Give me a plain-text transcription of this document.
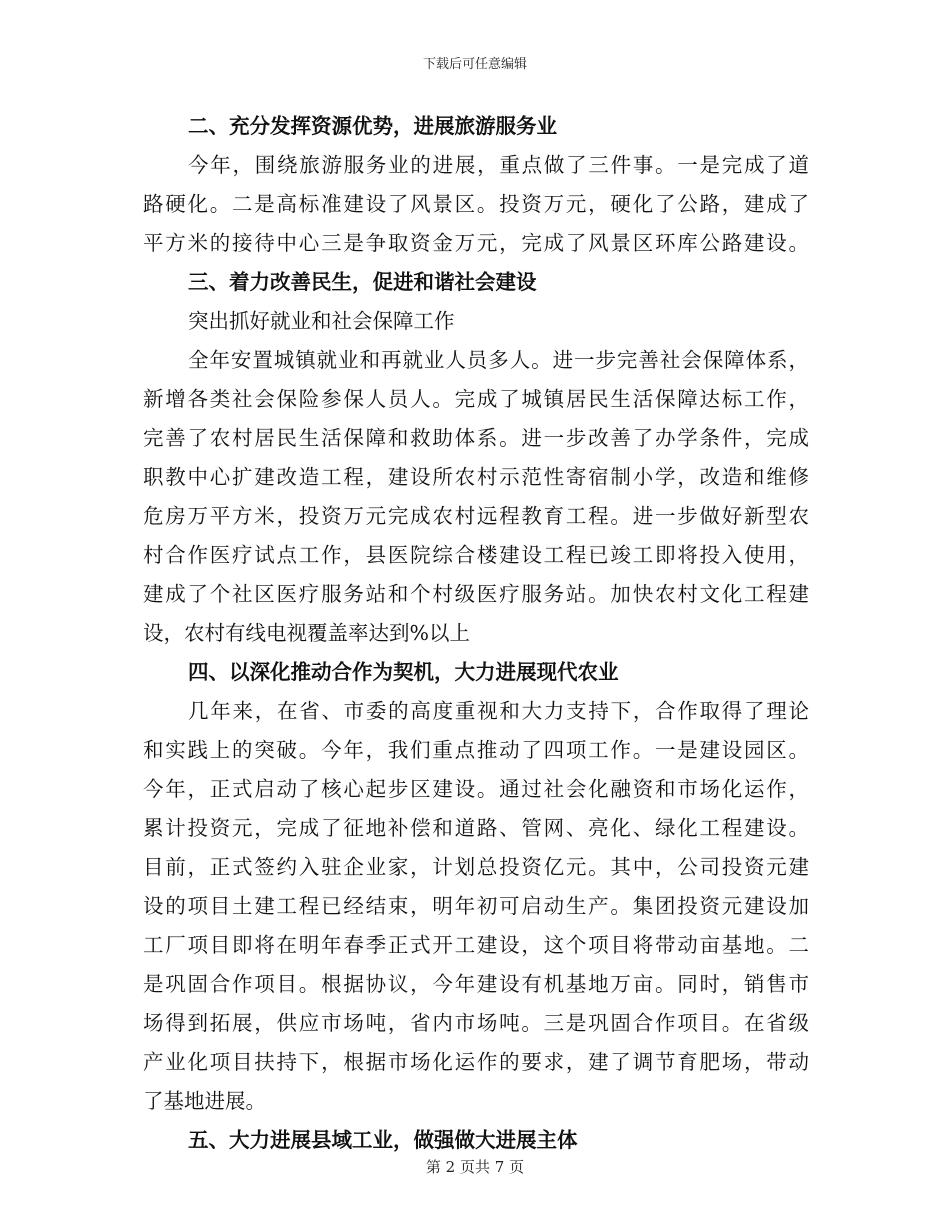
下载后可任意编辑
二、充分发挥资源优势，进展旅游服务业
今年，围绕旅游服务业的进展，重点做了三件事。一是完成了道
路硬化。二是高标准建设了风景区。投资万元，硬化了公路，建成了
平方米的接待中心三是争取资金万元，完成了风景区环库公路建设。
三、着力改善民生，促进和谐社会建设
突出抓好就业和社会保障工作
全年安置城镇就业和再就业人员多人。进一步完善社会保障体系，
新增各类社会保险参保人员人。完成了城镇居民生活保障达标工作，
完善了农村居民生活保障和救助体系。进一步改善了办学条件，完成
职教中心扩建改造工程，建设所农村示范性寄宿制小学，改造和维修
危房万平方米，投资万元完成农村远程教育工程。进一步做好新型农
村合作医疗试点工作，县医院综合楼建设工程已竣工即将投入使用，
建成了个社区医疗服务站和个村级医疗服务站。加快农村文化工程建
设，农村有线电视覆盖率达到%以上
四、以深化推动合作为契机，大力进展现代农业
几年来，在省、市委的高度重视和大力支持下，合作取得了理论
和实践上的突破。今年，我们重点推动了四项工作。一是建设园区。
今年，正式启动了核心起步区建设。通过社会化融资和市场化运作，
累计投资元，完成了征地补偿和道路、管网、亮化、绿化工程建设。
目前，正式签约入驻企业家，计划总投资亿元。其中，公司投资元建
设的项目土建工程已经结束，明年初可启动生产。集团投资元建设加
工厂项目即将在明年春季正式开工建设，这个项目将带动亩基地。二
是巩固合作项目。根据协议，今年建设有机基地万亩。同时，销售市
场得到拓展，供应市场吨，省内市场吨。三是巩固合作项目。在省级
产业化项目扶持下，根据市场化运作的要求，建了调节育肥场，带动
了基地进展。
五、大力进展县域工业，做强做大进展主体
第 2 页共 7 页
